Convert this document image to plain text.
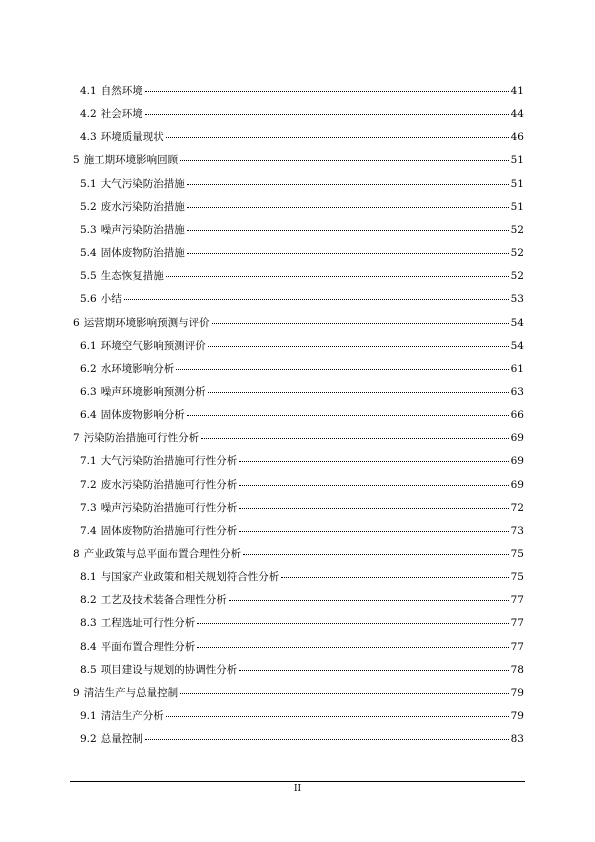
4.1 自然环境	41
4.2 社会环境	44
4.3 环境质量现状	46
5 施工期环境影响回顾	51
5.1 大气污染防治措施	51
5.2 废水污染防治措施	51
5.3 噪声污染防治措施	52
5.4 固体废物防治措施	52
5.5 生态恢复措施	52
5.6 小结	53
6 运营期环境影响预测与评价	54
6.1 环境空气影响预测评价	54
6.2 水环境影响分析	61
6.3 噪声环境影响预测分析	63
6.4 固体废物影响分析	66
7 污染防治措施可行性分析	69
7.1 大气污染防治措施可行性分析	69
7.2 废水污染防治措施可行性分析	69
7.3 噪声污染防治措施可行性分析	72
7.4 固体废物防治措施可行性分析	73
8 产业政策与总平面布置合理性分析	75
8.1 与国家产业政策和相关规划符合性分析	75
8.2 工艺及技术装备合理性分析	77
8.3 工程选址可行性分析	77
8.4 平面布置合理性分析	77
8.5 项目建设与规划的协调性分析	78
9 清洁生产与总量控制	79
9.1 清洁生产分析	79
9.2 总量控制	83
II
